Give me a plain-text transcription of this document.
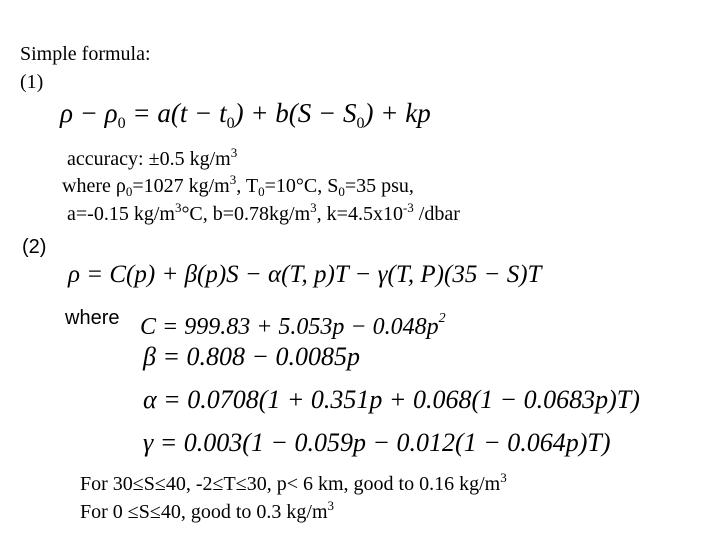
Simple formula:
(1)
$\rho - \rho_0 = a(t - t_0) + b(S - S_0)$ + kp
accuracy: ±0.5 $kg/m^3$
where $\rho_0=1027$ $kg/m^3$, $T_0=10^\circ C$, $S_0=35$ psu,
a=-0.15 $kg/m^3^\circ C$, $b=0.78kg/m^3$, $k=4.5x10^{-3}$ /dbar
(2)
ρ = C(p) + β(p)S − α(T, p)T − γ(T, P)(35 − S)T
where $C = 999.83 + 5.053p - 0.048p^2$
β = 0.808 − 0.0085p
α = 0.0708(1 + 0.351p + 0.068(1 − 0.0683p)T)
γ = 0.003(1 − 0.059p − 0.012(1 − 0.064p)T)
For 30≤S≤40, -2≤T≤30, p< 6 km, good to 0.16 $kg/m^3$
For 0 ≤S≤40, good to 0.3 $kg/m^3$
